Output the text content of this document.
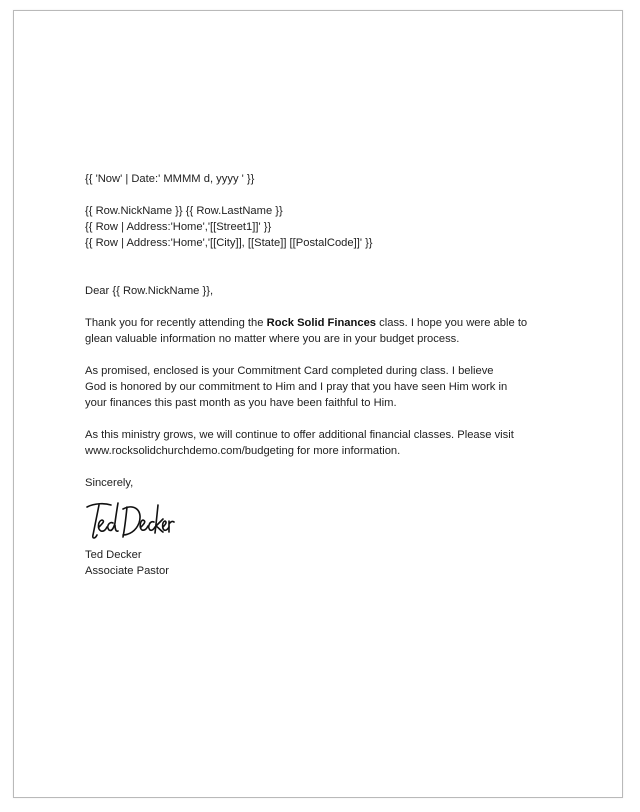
{{ 'Now' | Date:' MMMM d, yyyy ' }}
{{ Row.NickName }} {{ Row.LastName }}
{{ Row | Address:'Home','[[Street1]]' }}
{{ Row | Address:'Home','[[City]], [[State]] [[PostalCode]]' }}
Dear {{ Row.NickName }},
Thank you for recently attending the Rock Solid Finances class. I hope you were able to
glean valuable information no matter where you are in your budget process.
As promised, enclosed is your Commitment Card completed during class. I believe
God is honored by our commitment to Him and I pray that you have seen Him work in
your finances this past month as you have been faithful to Him.
As this ministry grows, we will continue to offer additional financial classes. Please visit
www.rocksolidchurchdemo.com/budgeting for more information.
Sincerely,
Ted Decker
Associate Pastor
